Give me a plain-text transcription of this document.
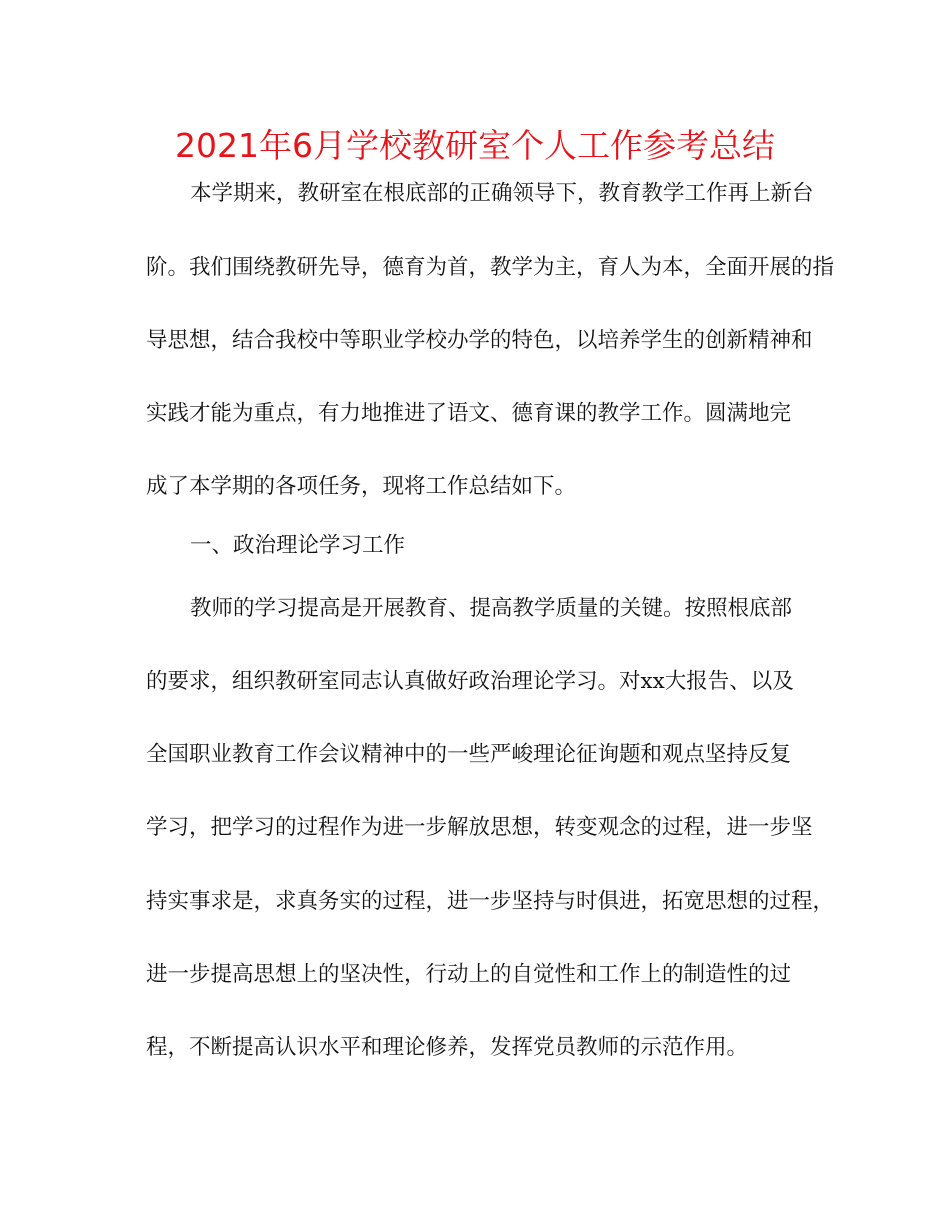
2021年6月学校教研室个人工作参考总结
本学期来，教研室在根底部的正确领导下，教育教学工作再上新台
阶。我们围绕教研先导，德育为首，教学为主，育人为本，全面开展的指
导思想，结合我校中等职业学校办学的特色，以培养学生的创新精神和
实践才能为重点，有力地推进了语文、德育课的教学工作。圆满地完
成了本学期的各项任务，现将工作总结如下。
一、政治理论学习工作
教师的学习提高是开展教育、提高教学质量的关键。按照根底部
的要求，组织教研室同志认真做好政治理论学习。对xx大报告、以及
全国职业教育工作会议精神中的一些严峻理论征询题和观点坚持反复
学习，把学习的过程作为进一步解放思想，转变观念的过程，进一步坚
持实事求是，求真务实的过程，进一步坚持与时俱进，拓宽思想的过程，
进一步提高思想上的坚决性，行动上的自觉性和工作上的制造性的过
程，不断提高认识水平和理论修养，发挥党员教师的示范作用。
